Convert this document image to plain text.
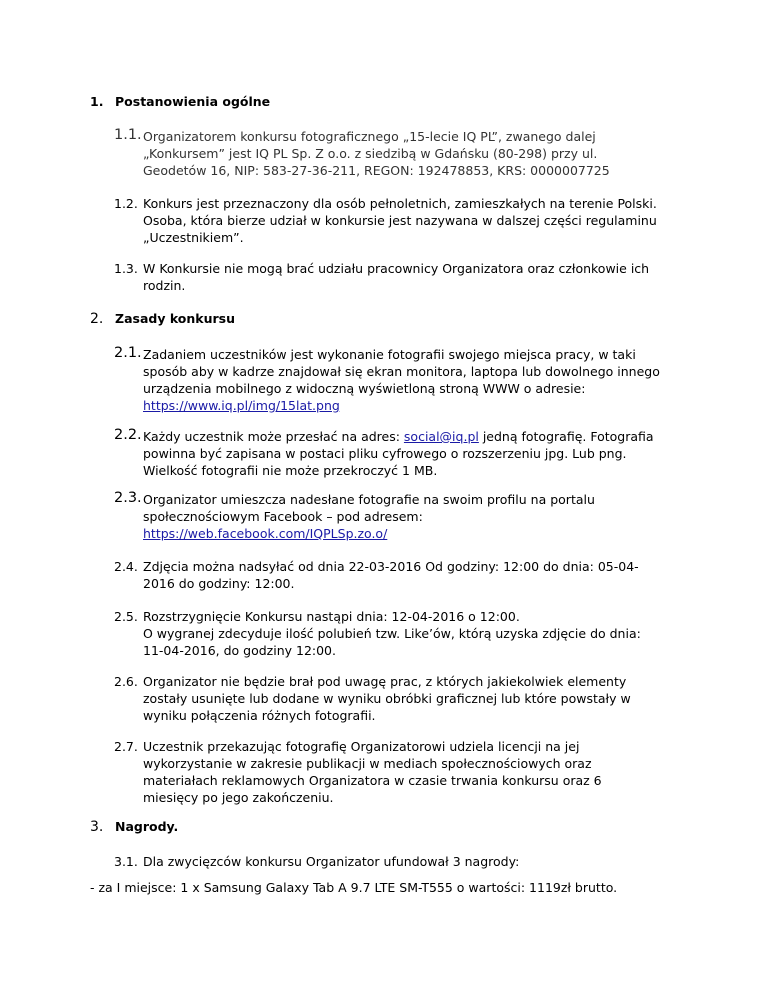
1. Postanowienia ogólne
1.1. Organizatorem konkursu fotograficznego „15-lecie IQ PL”, zwanego dalej
„Konkursem” jest IQ PL Sp. Z o.o. z siedzibą w Gdańsku (80-298) przy ul.
Geodetów 16, NIP: 583-27-36-211, REGON: 192478853, KRS: 0000007725
1.2. Konkurs jest przeznaczony dla osób pełnoletnich, zamieszkałych na terenie Polski.
Osoba, która bierze udział w konkursie jest nazywana w dalszej części regulaminu
„Uczestnikiem”.
1.3. W Konkursie nie mogą brać udziału pracownicy Organizatora oraz członkowie ich
rodzin.
2. Zasady konkursu
2.1. Zadaniem uczestników jest wykonanie fotografii swojego miejsca pracy, w taki
sposób aby w kadrze znajdował się ekran monitora, laptopa lub dowolnego innego
urządzenia mobilnego z widoczną wyświetloną stroną WWW o adresie:
https://www.iq.pl/img/15lat.png
2.2. Każdy uczestnik może przesłać na adres: social@iq.pl jedną fotografię. Fotografia
powinna być zapisana w postaci pliku cyfrowego o rozszerzeniu jpg. Lub png.
Wielkość fotografii nie może przekroczyć 1 MB.
2.3. Organizator umieszcza nadesłane fotografie na swoim profilu na portalu
społecznościowym Facebook – pod adresem:
https://web.facebook.com/IQPLSp.zo.o/
2.4. Zdjęcia można nadsyłać od dnia 22-03-2016 Od godziny: 12:00 do dnia: 05-04-
2016 do godziny: 12:00.
2.5. Rozstrzygnięcie Konkursu nastąpi dnia: 12-04-2016 o 12:00.
O wygranej zdecyduje ilość polubień tzw. Like’ów, którą uzyska zdjęcie do dnia:
11-04-2016, do godziny 12:00.
2.6. Organizator nie będzie brał pod uwagę prac, z których jakiekolwiek elementy
zostały usunięte lub dodane w wyniku obróbki graficznej lub które powstały w
wyniku połączenia różnych fotografii.
2.7. Uczestnik przekazując fotografię Organizatorowi udziela licencji na jej
wykorzystanie w zakresie publikacji w mediach społecznościowych oraz
materiałach reklamowych Organizatora w czasie trwania konkursu oraz 6
miesięcy po jego zakończeniu.
3. Nagrody.
3.1. Dla zwycięzców konkursu Organizator ufundował 3 nagrody:
- za I miejsce: 1 x Samsung Galaxy Tab A 9.7 LTE SM-T555 o wartości: 1119zł brutto.
